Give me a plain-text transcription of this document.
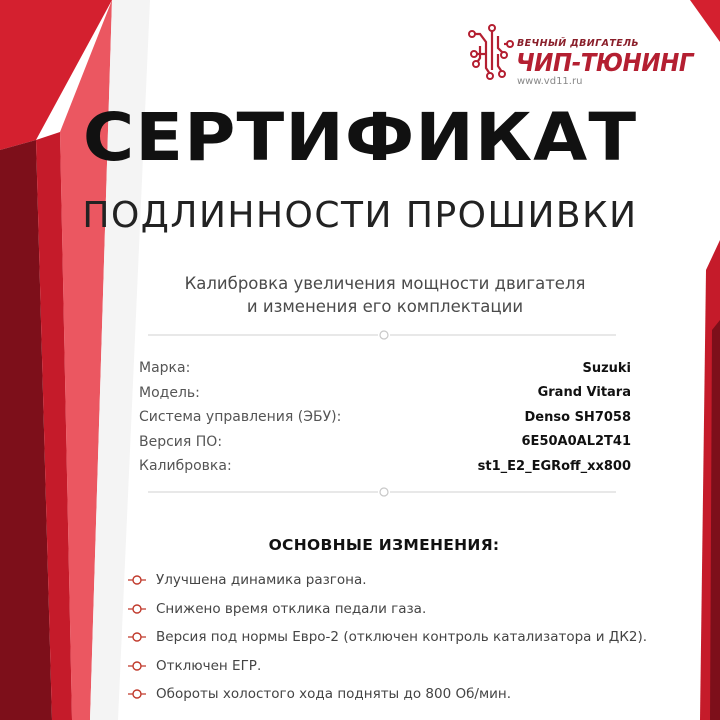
ВЕЧНЫЙ ДВИГАТЕЛЬ
ЧИП-ТЮНИНГ
www.vd11.ru
СЕРТИФИКАТ
ПОДЛИННОСТИ ПРОШИВКИ
Калибровка увеличения мощности двигателя
и изменения его комплектации
Марка:	Suzuki
Модель:	Grand Vitara
Система управления (ЭБУ):	Denso SH7058
Версия ПО:	6E50A0AL2T41
Калибровка:	st1_E2_EGRoff_xx800
ОСНОВНЫЕ ИЗМЕНЕНИЯ:
Улучшена динамика разгона.
Снижено время отклика педали газа.
Версия под нормы Евро-2 (отключен контроль катализатора и ДК2).
Отключен ЕГР.
Обороты холостого хода подняты до 800 Об/мин.
